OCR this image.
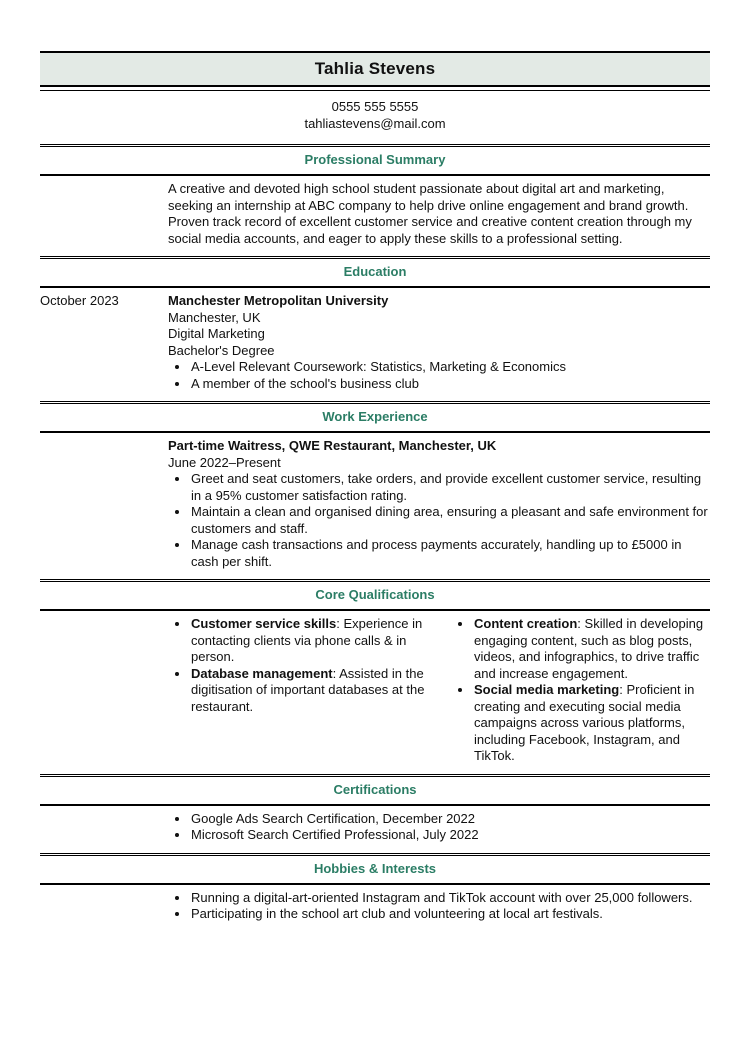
Tahlia Stevens
0555 555 5555
tahliastevens@mail.com
Professional Summary

A creative and devoted high school student passionate about digital art and marketing, seeking an internship at ABC company to help drive online engagement and brand growth. Proven track record of excellent customer service and creative content creation through my social media accounts, and eager to apply these skills to a professional setting.

Education
October 2023	Manchester Metropolitan University

Manchester, UK

Digital Marketing

Bachelor's Degree

• A-Level Relevant Coursework: Statistics, Marketing & Economics
• A member of the school's business club
Work Experience

Part-time Waitress, QWE Restaurant, Manchester, UK

June 2022–Present

• Greet and seat customers, take orders, and provide excellent customer service, resulting in a 95% customer satisfaction rating.
• Maintain a clean and organised dining area, ensuring a pleasant and safe environment for customers and staff.
• Manage cash transactions and process payments accurately, handling up to £5000 in cash per shift.
Core Qualifications
• Customer service skills: Experience in contacting clients via phone calls & in person.
• Database management: Assisted in the digitisation of important databases at the restaurant.
• Content creation: Skilled in developing engaging content, such as blog posts, videos, and infographics, to drive traffic and increase engagement.
• Social media marketing: Proficient in creating and executing social media campaigns across various platforms, including Facebook, Instagram, and TikTok.
Certifications
• Google Ads Search Certification, December 2022
• Microsoft Search Certified Professional, July 2022
Hobbies & Interests
• Running a digital-art-oriented Instagram and TikTok account with over 25,000 followers.
• Participating in the school art club and volunteering at local art festivals.
